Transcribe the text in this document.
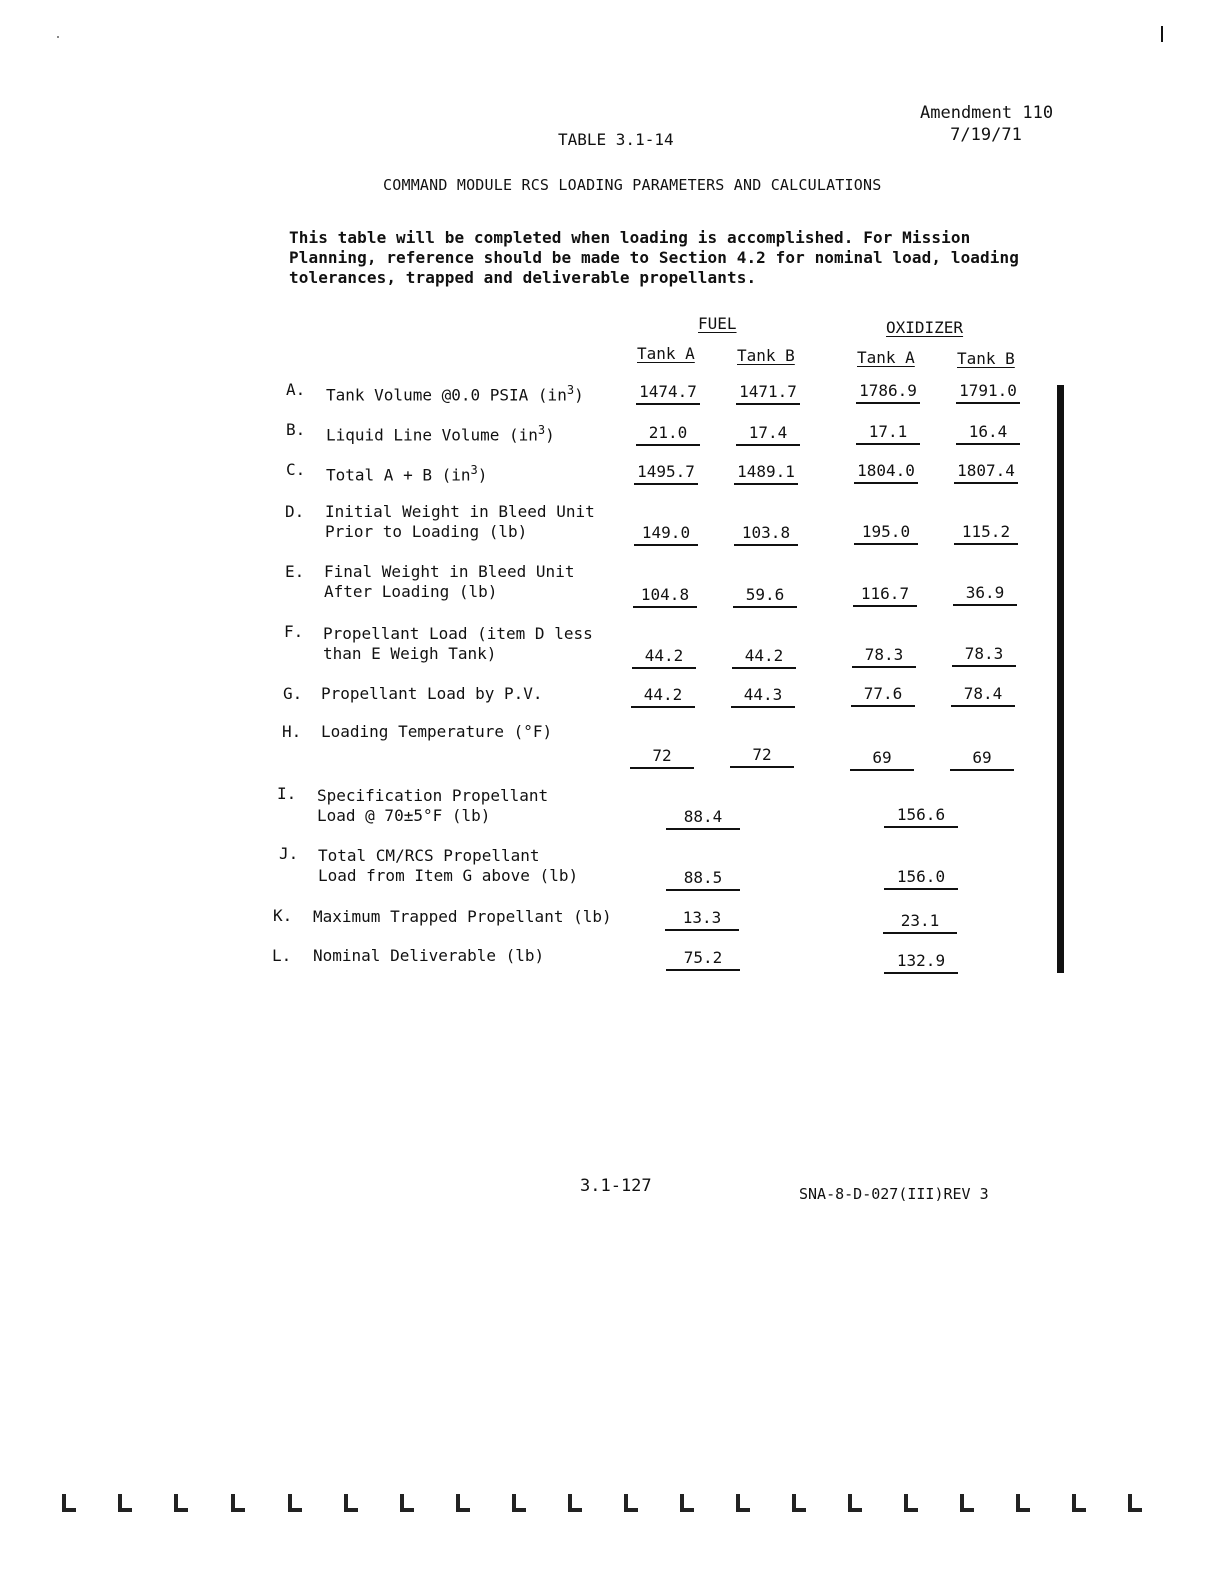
Amendment 110
7/19/71
TABLE 3.1-14
COMMAND MODULE RCS LOADING PARAMETERS AND CALCULATIONS
This table will be completed when loading is accomplished. For Mission Planning, reference should be made to Section 4.2 for nominal load, loading tolerances, trapped and deliverable propellants.
FUEL	OXIDIZER
Tank A	Tank B	Tank A	Tank B
A. Tank Volume @0.0 PSIA $(in^3)$	1474.7	1471.7	1786.9	1791.0
B. Liquid Line Volume $(in^3)$	21.0	17.4	17.1	16.4
C. Total A + B $(in^3)$	1495.7	1489.1	1804.0	1807.4
D. Initial Weight in Bleed Unit
Prior to Loading (lb)	149.0	103.8	195.0	115.2
E. Final Weight in Bleed Unit
After Loading (lb)	104.8	59.6	116.7	36.9
F. Propellant Load (item D less
than E Weigh Tank)	44.2	44.2	78.3	78.3
G. Propellant Load by P.V.	44.2	44.3	77.6	78.4
H. Loading Temperature (°F)
72	72	69	69
I. Specification Propellant
Load @ 70±5°F (lb)	88.4	156.6
J. Total CM/RCS Propellant
Load from Item G above (lb)	88.5	156.0
K. Maximum Trapped Propellant (lb)	13.3	23.1
L. Nominal Deliverable (lb)	75.2	132.9
3.1-127	SNA-8-D-027(III)REV 3
